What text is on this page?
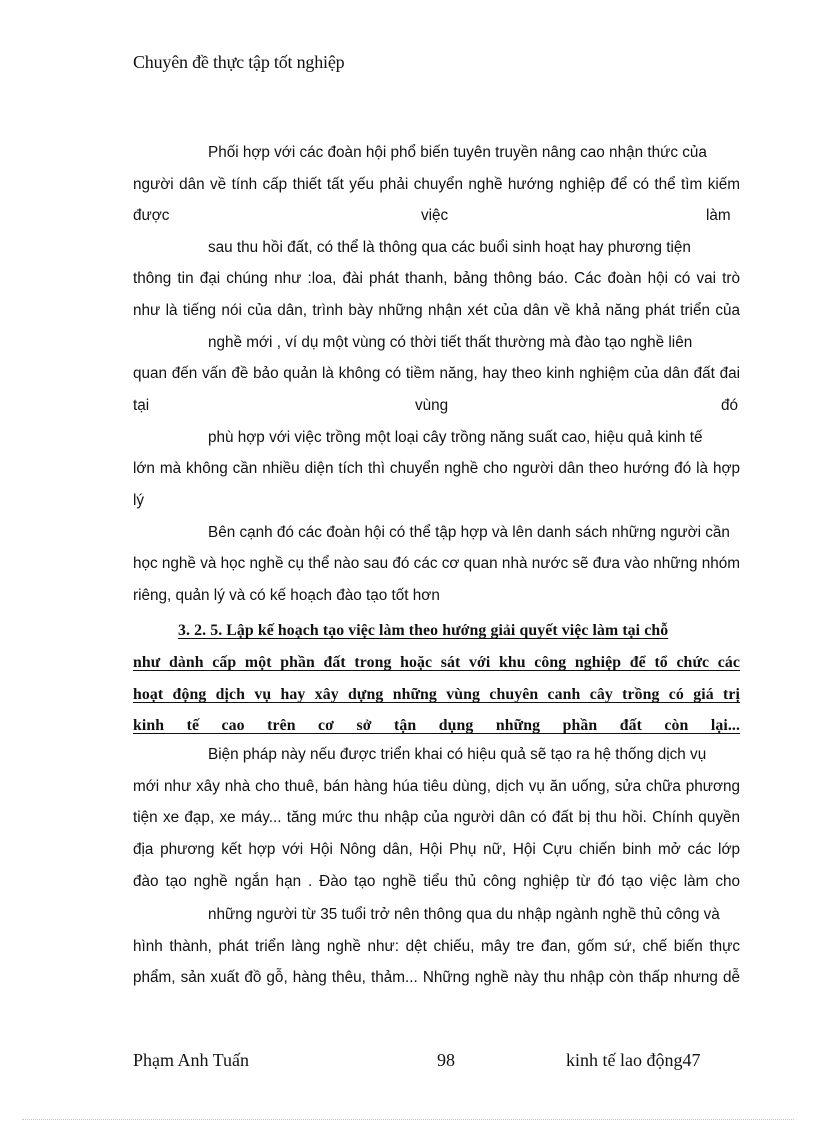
Chuyên đề thực tập tốt nghiệp
Phối hợp với các đoàn hội phổ biến tuyên truyền nâng cao nhận thức của
người dân về tính cấp thiết tất yếu phải chuyển nghề hướng nghiệp để có thể tìm kiếm
được	việc	làm
sau thu hồi đất, có thể là thông qua các buổi sinh hoạt hay phương tiện
thông tin đại chúng như :loa, đài phát thanh, bảng thông báo. Các đoàn hội có vai trò
như là tiếng nói của dân, trình bày những nhận xét của dân về khả năng phát triển của
nghề mới , ví dụ một vùng có thời tiết thất thường mà đào tạo nghề liên
quan đến vấn đề bảo quản là không có tiềm năng, hay theo kinh nghiệm của dân đất đai
tại	vùng	đó
phù hợp với việc trồng một loại cây trồng năng suất cao, hiệu quả kinh tế
lớn mà không cần nhiều diện tích thì chuyển nghề cho người dân theo hướng đó là hợp
lý
Bên cạnh đó các đoàn hội có thể tập hợp và lên danh sách những người cần
học nghề và học nghề cụ thể nào sau đó các cơ quan nhà nước sẽ đưa vào những nhóm
riêng, quản lý và có kế hoạch đào tạo tốt hơn
3. 2. 5. Lập kế hoạch tạo việc làm theo hướng giải quyết việc làm tại chỗ
như dành cấp một phần đất trong hoặc sát với khu công nghiệp để tổ chức các
hoạt động dịch vụ hay xây dựng những vùng chuyên canh cây trồng có giá trị
kinh tế cao trên cơ sở tận dụng những phần đất còn lại...
Biện pháp này nếu được triển khai có hiệu quả sẽ tạo ra hệ thống dịch vụ
mới như xây nhà cho thuê, bán hàng húa tiêu dùng, dịch vụ ăn uống, sửa chữa phương
tiện xe đạp, xe máy... tăng mức thu nhập của người dân có đất bị thu hồi. Chính quyền
địa phương kết hợp với Hội Nông dân, Hội Phụ nữ, Hội Cựu chiến binh mở các lớp
đào tạo nghề ngắn hạn . Đào tạo nghề tiểu thủ công nghiệp từ đó tạo việc làm cho
những người từ 35 tuổi trở nên thông qua du nhập ngành nghề thủ công và
hình thành, phát triển làng nghề như: dệt chiếu, mây tre đan, gốm sứ, chế biến thực
phẩm, sản xuất đồ gỗ, hàng thêu, thảm... Những nghề này thu nhập còn thấp nhưng dễ
Phạm Anh Tuấn	98	kinh tế lao động47
